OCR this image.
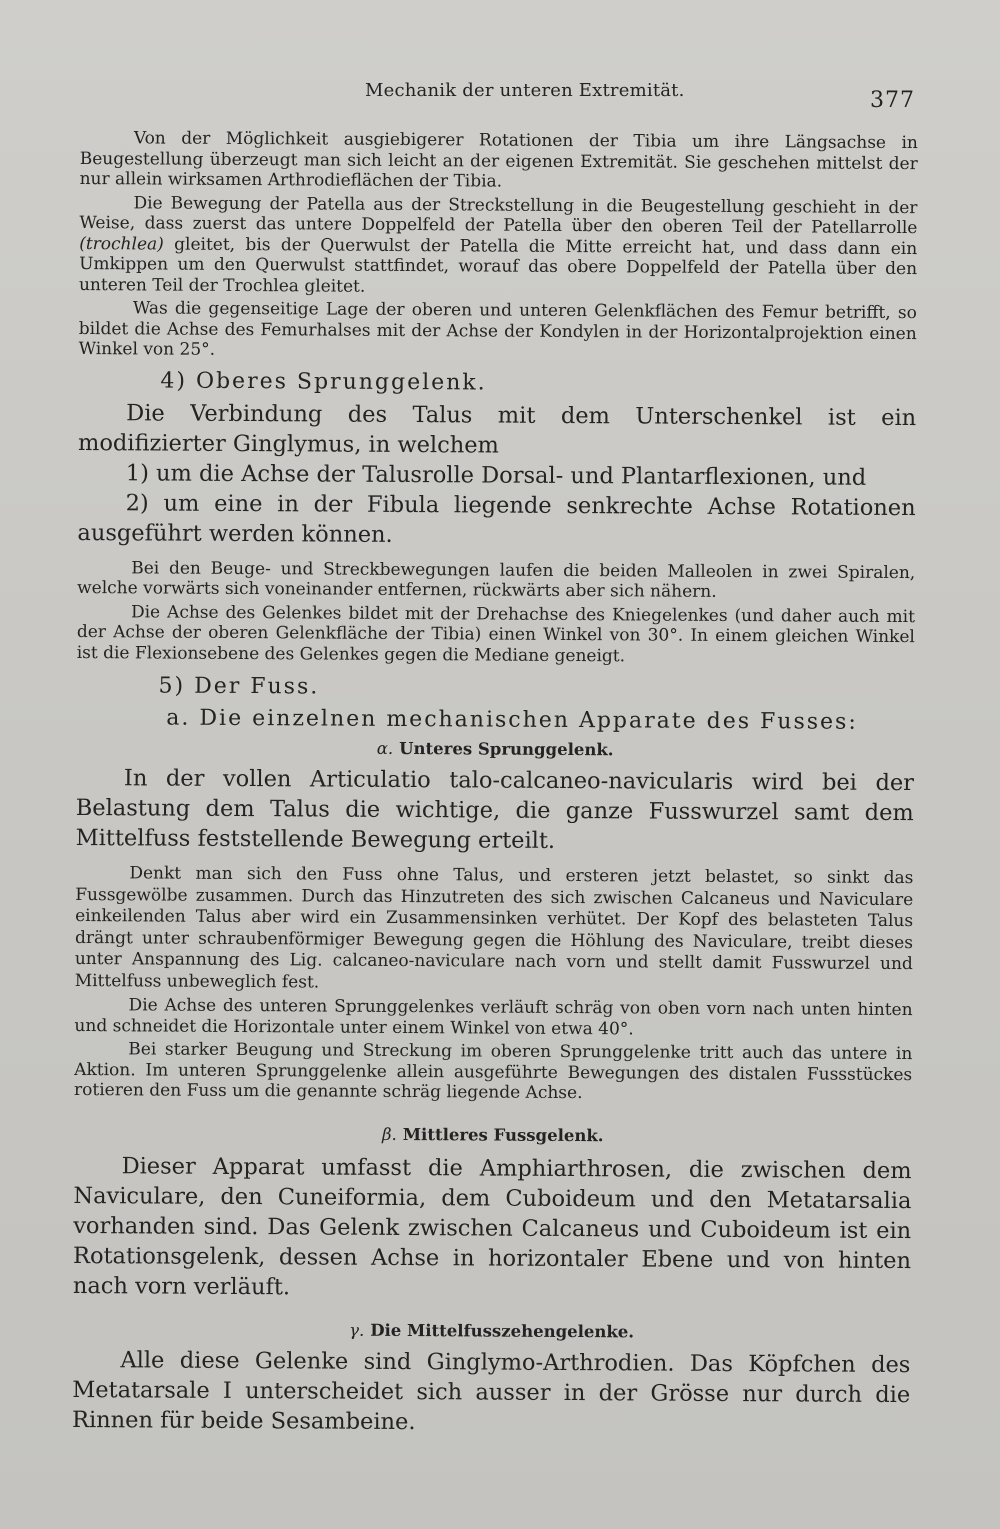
Mechanik der unteren Extremität.	377

Von der Möglichkeit ausgiebigerer Rotationen der Tibia um ihre Längsachse in Beugestellung überzeugt man sich leicht an der eigenen Extremität. Sie geschehen mittelst der nur allein wirksamen Arthrodieflächen der Tibia.

Die Bewegung der Patella aus der Streckstellung in die Beugestellung geschieht in der Weise, dass zuerst das untere Doppelfeld der Patella über den oberen Teil der Patellarrolle (trochlea) gleitet, bis der Querwulst der Patella die Mitte erreicht hat, und dass dann ein Umkippen um den Querwulst stattfindet, worauf das obere Doppelfeld der Patella über den unteren Teil der Trochlea gleitet.

Was die gegenseitige Lage der oberen und unteren Gelenkflächen des Femur betrifft, so bildet die Achse des Femurhalses mit der Achse der Kondylen in der Horizontalprojektion einen Winkel von 25°.

4) Oberes Sprunggelenk.

Die Verbindung des Talus mit dem Unterschenkel ist ein modifizierter Ginglymus, in welchem

1) um die Achse der Talusrolle Dorsal- und Plantarflexionen, und

2) um eine in der Fibula liegende senkrechte Achse Rotationen ausgeführt werden können.

Bei den Beuge- und Streckbewegungen laufen die beiden Malleolen in zwei Spiralen, welche vorwärts sich voneinander entfernen, rückwärts aber sich nähern.

Die Achse des Gelenkes bildet mit der Drehachse des Kniegelenkes (und daher auch mit der Achse der oberen Gelenkfläche der Tibia) einen Winkel von 30°. In einem gleichen Winkel ist die Flexionsebene des Gelenkes gegen die Mediane geneigt.

5) Der Fuss.

a. Die einzelnen mechanischen Apparate des Fusses:

α. Unteres Sprunggelenk.

In der vollen Articulatio talo-calcaneo-navicularis wird bei der Belastung dem Talus die wichtige, die ganze Fusswurzel samt dem Mittelfuss feststellende Bewegung erteilt.

Denkt man sich den Fuss ohne Talus, und ersteren jetzt belastet, so sinkt das Fussgewölbe zusammen. Durch das Hinzutreten des sich zwischen Calcaneus und Naviculare einkeilenden Talus aber wird ein Zusammensinken verhütet. Der Kopf des belasteten Talus drängt unter schraubenförmiger Bewegung gegen die Höhlung des Naviculare, treibt dieses unter Anspannung des Lig. calcaneo-naviculare nach vorn und stellt damit Fusswurzel und Mittelfuss unbeweglich fest.

Die Achse des unteren Sprunggelenkes verläuft schräg von oben vorn nach unten hinten und schneidet die Horizontale unter einem Winkel von etwa 40°.

Bei starker Beugung und Streckung im oberen Sprunggelenke tritt auch das untere in Aktion. Im unteren Sprunggelenke allein ausgeführte Bewegungen des distalen Fussstückes rotieren den Fuss um die genannte schräg liegende Achse.

β. Mittleres Fussgelenk.

Dieser Apparat umfasst die Amphiarthrosen, die zwischen dem Naviculare, den Cuneiformia, dem Cuboideum und den Metatarsalia vorhanden sind. Das Gelenk zwischen Calcaneus und Cuboideum ist ein Rotationsgelenk, dessen Achse in horizontaler Ebene und von hinten nach vorn verläuft.

γ. Die Mittelfusszehengelenke.

Alle diese Gelenke sind Ginglymo-Arthrodien. Das Köpfchen des Metatarsale I unterscheidet sich ausser in der Grösse nur durch die Rinnen für beide Sesambeine.
